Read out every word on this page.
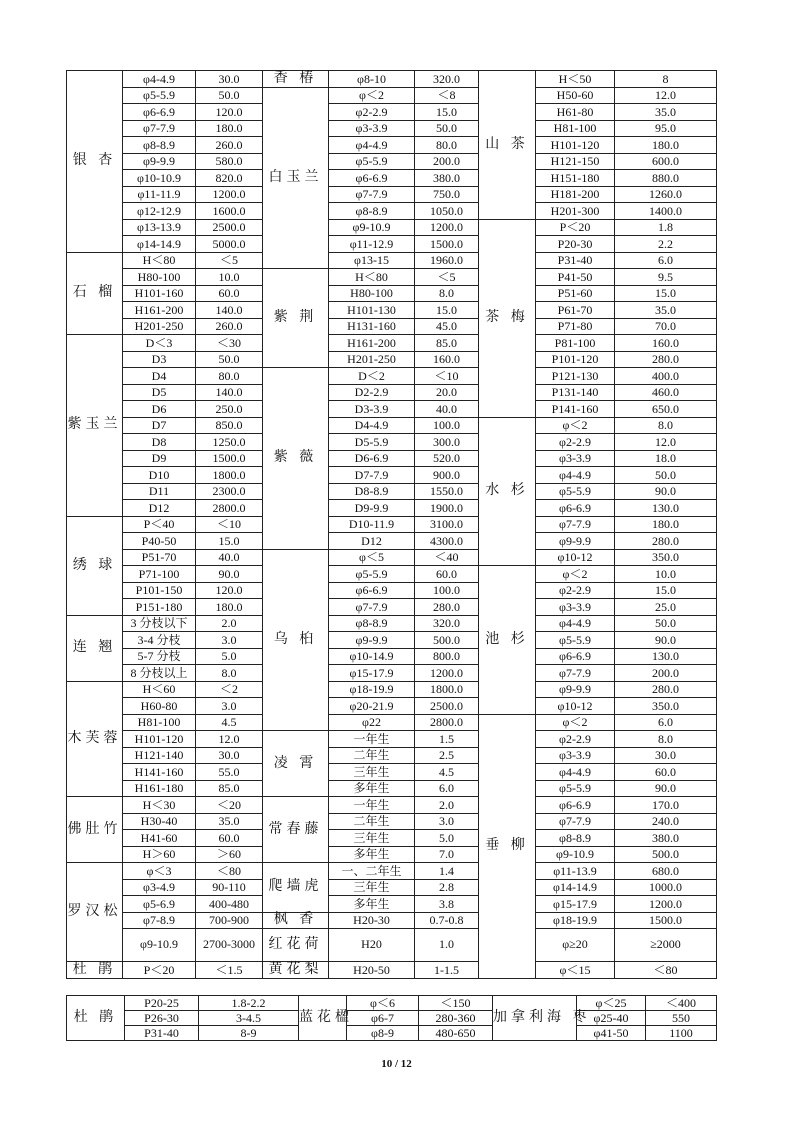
银 杏	φ4-4.9	30.0	香 椿	φ8-10	320.0	山 茶	H＜50	8
	φ5-5.9	50.0	白玉兰	φ＜2	＜8		H50-60	12.0
	φ6-6.9	120.0		φ2-2.9	15.0		H61-80	35.0
	φ7-7.9	180.0		φ3-3.9	50.0		H81-100	95.0
	φ8-8.9	260.0		φ4-4.9	80.0		H101-120	180.0
	φ9-9.9	580.0		φ5-5.9	200.0		H121-150	600.0
	φ10-10.9	820.0		φ6-6.9	380.0		H151-180	880.0
	φ11-11.9	1200.0		φ7-7.9	750.0		H181-200	1260.0
	φ12-12.9	1600.0		φ8-8.9	1050.0		H201-300	1400.0
	φ13-13.9	2500.0		φ9-10.9	1200.0	茶 梅	P＜20	1.8
	φ14-14.9	5000.0		φ11-12.9	1500.0		P20-30	2.2
石 榴	H＜80	＜5		φ13-15	1960.0		P31-40	6.0
	H80-100	10.0	紫 荆	H＜80	＜5		P41-50	9.5
	H101-160	60.0		H80-100	8.0		P51-60	15.0
	H161-200	140.0		H101-130	15.0		P61-70	35.0
	H201-250	260.0		H131-160	45.0		P71-80	70.0
紫玉兰	D＜3	＜30		H161-200	85.0		P81-100	160.0
	D3	50.0		H201-250	160.0		P101-120	280.0
	D4	80.0	紫 薇	D＜2	＜10		P121-130	400.0
	D5	140.0		D2-2.9	20.0		P131-140	460.0
	D6	250.0		D3-3.9	40.0		P141-160	650.0
	D7	850.0		D4-4.9	100.0	水 杉	φ＜2	8.0
	D8	1250.0		D5-5.9	300.0		φ2-2.9	12.0
	D9	1500.0		D6-6.9	520.0		φ3-3.9	18.0
	D10	1800.0		D7-7.9	900.0		φ4-4.9	50.0
	D11	2300.0		D8-8.9	1550.0		φ5-5.9	90.0
	D12	2800.0		D9-9.9	1900.0		φ6-6.9	130.0
绣 球	P＜40	＜10		D10-11.9	3100.0		φ7-7.9	180.0
	P40-50	15.0		D12	4300.0		φ9-9.9	280.0
	P51-70	40.0	乌 桕	φ＜5	＜40		φ10-12	350.0
	P71-100	90.0		φ5-5.9	60.0	池 杉	φ＜2	10.0
	P101-150	120.0		φ6-6.9	100.0		φ2-2.9	15.0
	P151-180	180.0		φ7-7.9	280.0		φ3-3.9	25.0
连 翘	3 分枝以下	2.0		φ8-8.9	320.0		φ4-4.9	50.0
	3-4 分枝	3.0		φ9-9.9	500.0		φ5-5.9	90.0
	5-7 分枝	5.0		φ10-14.9	800.0		φ6-6.9	130.0
	8 分枝以上	8.0		φ15-17.9	1200.0		φ7-7.9	200.0
木芙蓉	H＜60	＜2		φ18-19.9	1800.0		φ9-9.9	280.0
	H60-80	3.0		φ20-21.9	2500.0		φ10-12	350.0
	H81-100	4.5		φ22	2800.0	垂 柳	φ＜2	6.0
	H101-120	12.0	凌 霄	一年生	1.5		φ2-2.9	8.0
	H121-140	30.0		二年生	2.5		φ3-3.9	30.0
	H141-160	55.0		三年生	4.5		φ4-4.9	60.0
	H161-180	85.0		多年生	6.0		φ5-5.9	90.0
佛肚竹	H＜30	＜20	常春藤	一年生	2.0		φ6-6.9	170.0
	H30-40	35.0		二年生	3.0		φ7-7.9	240.0
	H41-60	60.0		三年生	5.0		φ8-8.9	380.0
	H＞60	＞60		多年生	7.0		φ9-10.9	500.0
罗汉松	φ＜3	＜80	爬墙虎	一、二年生	1.4		φ11-13.9	680.0
	φ3-4.9	90-110		三年生	2.8		φ14-14.9	1000.0
	φ5-6.9	400-480		多年生	3.8		φ15-17.9	1200.0
	φ7-8.9	700-900	枫 香	H20-30	0.7-0.8		φ18-19.9	1500.0
	φ9-10.9	2700-3000	红花荷	H20	1.0		φ≥20	≥2000
杜 鹃	P＜20	＜1.5	黄花梨	H20-50	1-1.5		φ＜15	＜80
杜 鹃	P20-25	1.8-2.2	蓝花楹	φ＜6	＜150	加拿利海 枣	φ＜25	＜400
	P26-30	3-4.5		φ6-7	280-360		φ25-40	550
	P31-40	8-9		φ8-9	480-650		φ41-50	1100
10 / 12
